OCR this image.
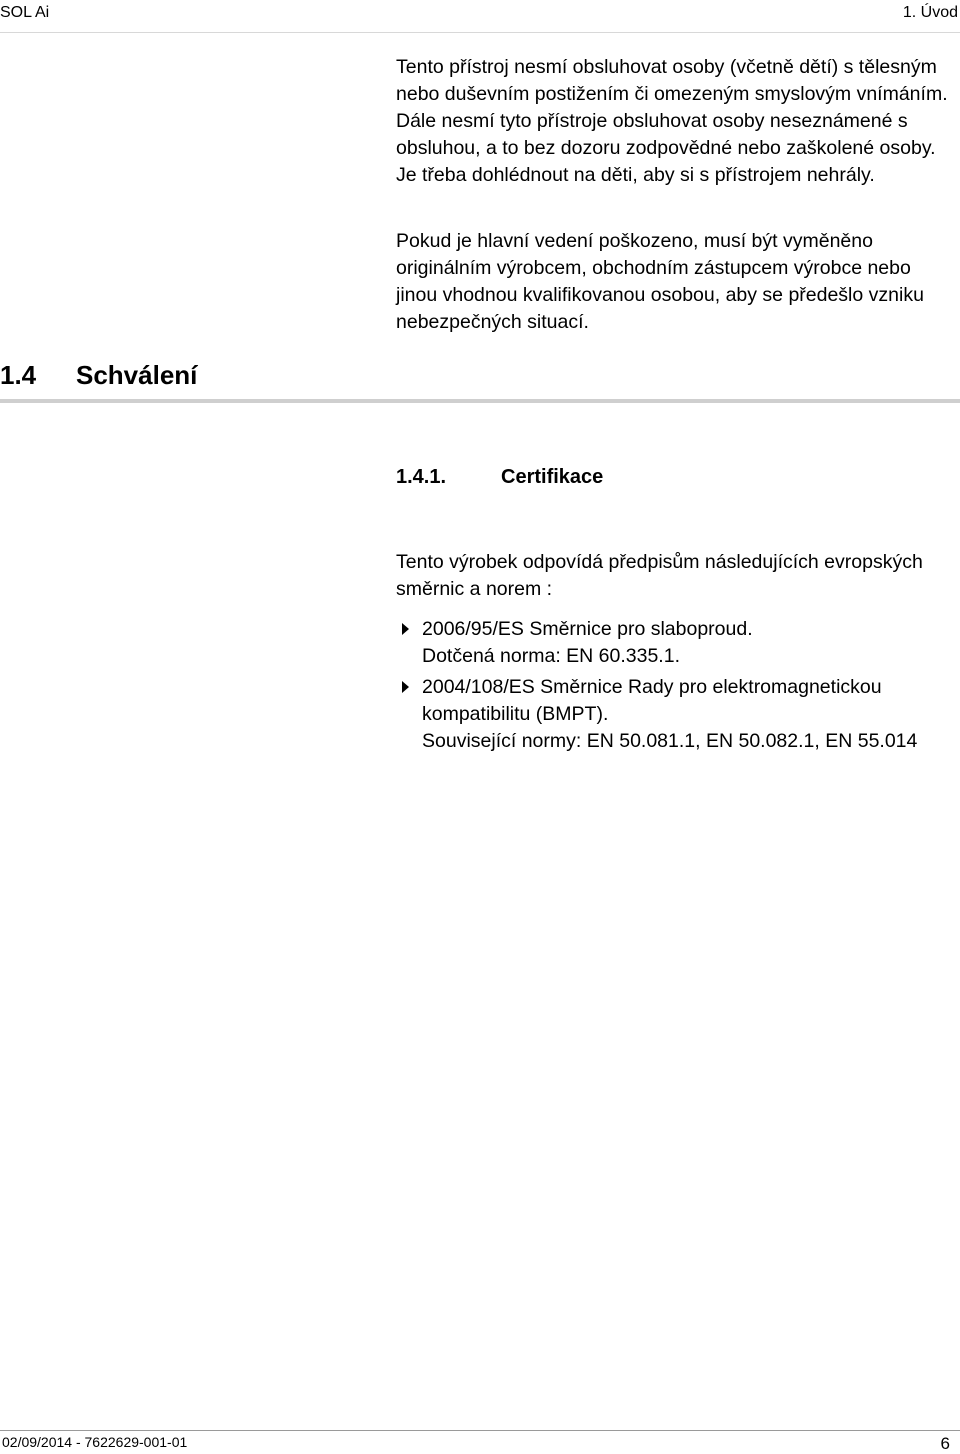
SOL Ai	1. Úvod

Tento přístroj nesmí obsluhovat osoby (včetně dětí) s tělesným nebo duševním postižením či omezeným smyslovým vnímáním. Dále nesmí tyto přístroje obsluhovat osoby neseznámené s obsluhou, a to bez dozoru zodpovědné nebo zaškolené osoby. Je třeba dohlédnout na děti, aby si s přístrojem nehrály.

Pokud je hlavní vedení poškozeno, musí být vyměněno originálním výrobcem, obchodním zástupcem výrobce nebo jinou vhodnou kvalifikovanou osobou, aby se předešlo vzniku nebezpečných situací.

1.4 Schválení
1.4.1.	Certifikace

Tento výrobek odpovídá předpisům následujících evropských směrnic a norem :

2006/95/ES Směrnice pro slaboproud.
Dotčená norma: EN 60.335.1.
2004/108/ES Směrnice Rady pro elektromagnetickou kompatibilitu (BMPT).
Související normy: EN 50.081.1, EN 50.082.1, EN 55.014
02/09/2014 - 7622629-001-01	6
